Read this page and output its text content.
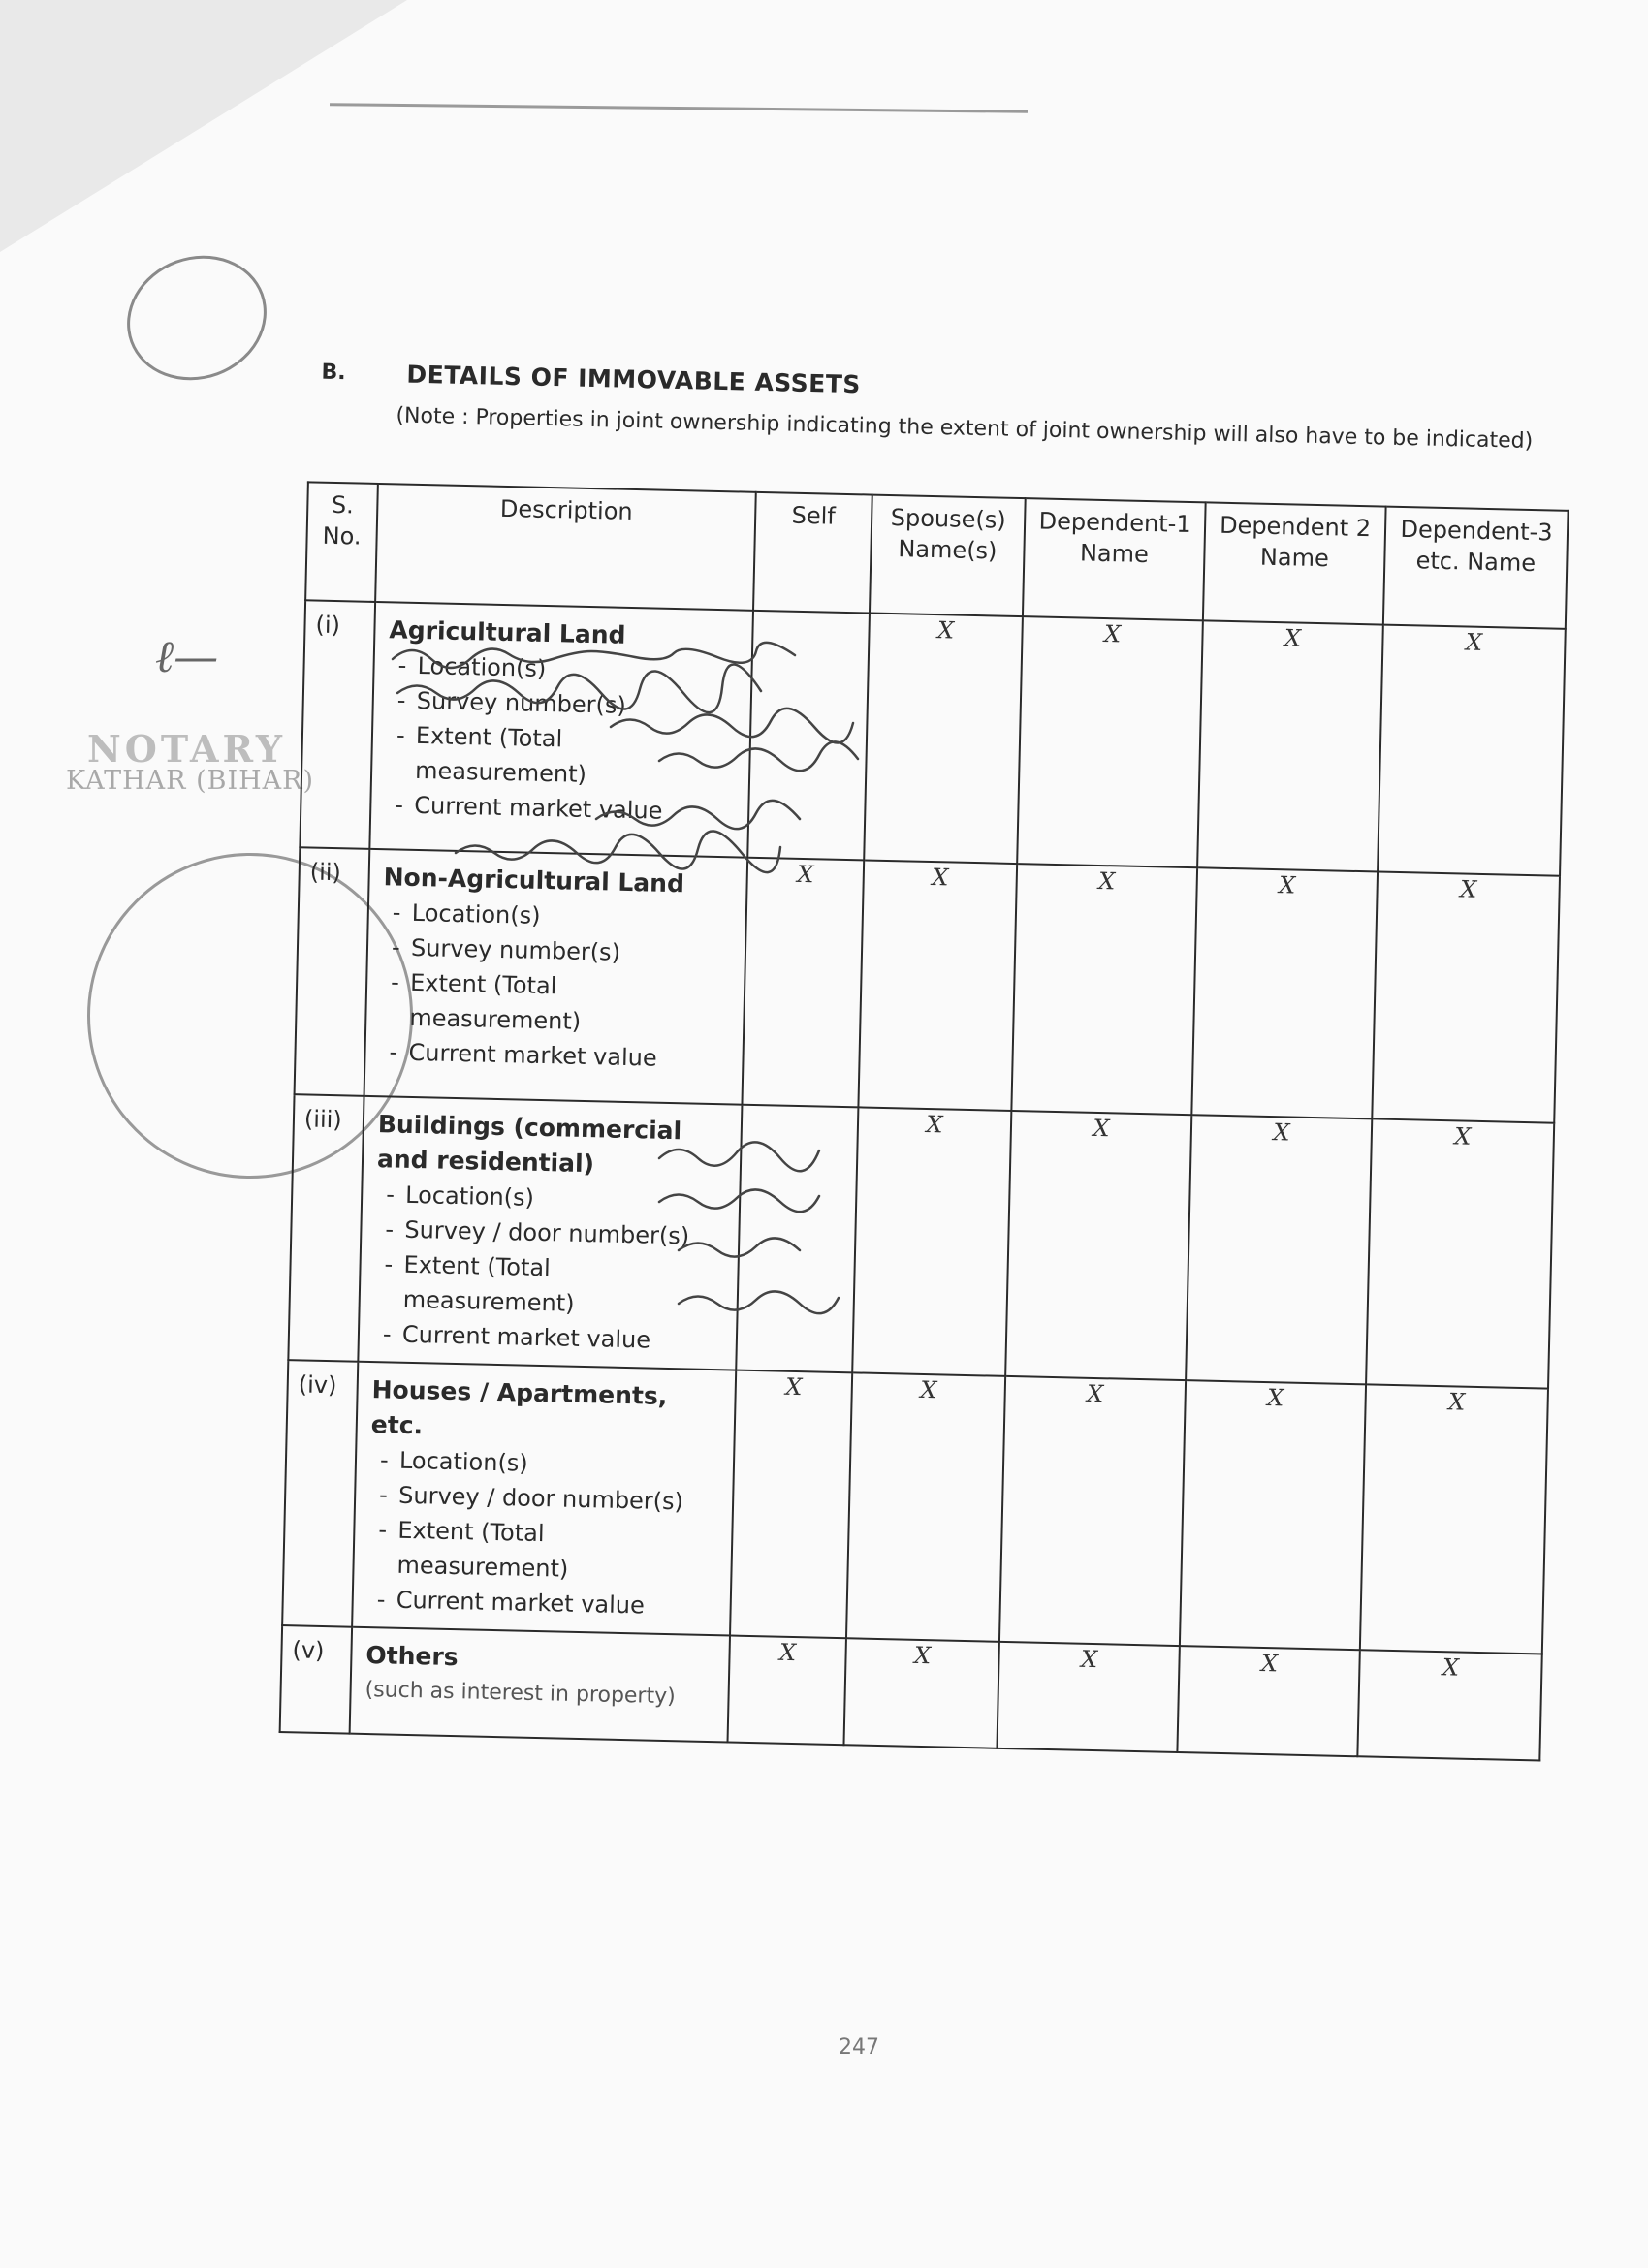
NOTARY
KATHAR (BIHAR)
ℓ—
B. DETAILS OF IMMOVABLE ASSETS
(Note : Properties in joint ownership indicating the extent of joint ownership will also have to be indicated)
S. No.	Description	Self	Spouse(s) Name(s)	Dependent-1 Name	Dependent 2 Name	Dependent-3 etc. Name
(i)	Agricultural Land
- Location(s)
- Survey number(s)
- Extent (Total measurement)
- Current market value		X	X	X	X
(ii)	Non-Agricultural Land
- Location(s)
- Survey number(s)
- Extent (Total measurement)
- Current market value	X	X	X	X	X
(iii)	Buildings (commercial and residential)
- Location(s)
- Survey / door number(s)
- Extent (Total measurement)
- Current market value		X	X	X	X
(iv)	Houses / Apartments, etc.
- Location(s)
- Survey / door number(s)
- Extent (Total measurement)
- Current market value	X	X	X	X	X
(v)	Others
(such as interest in property)	X	X	X	X	X
247
